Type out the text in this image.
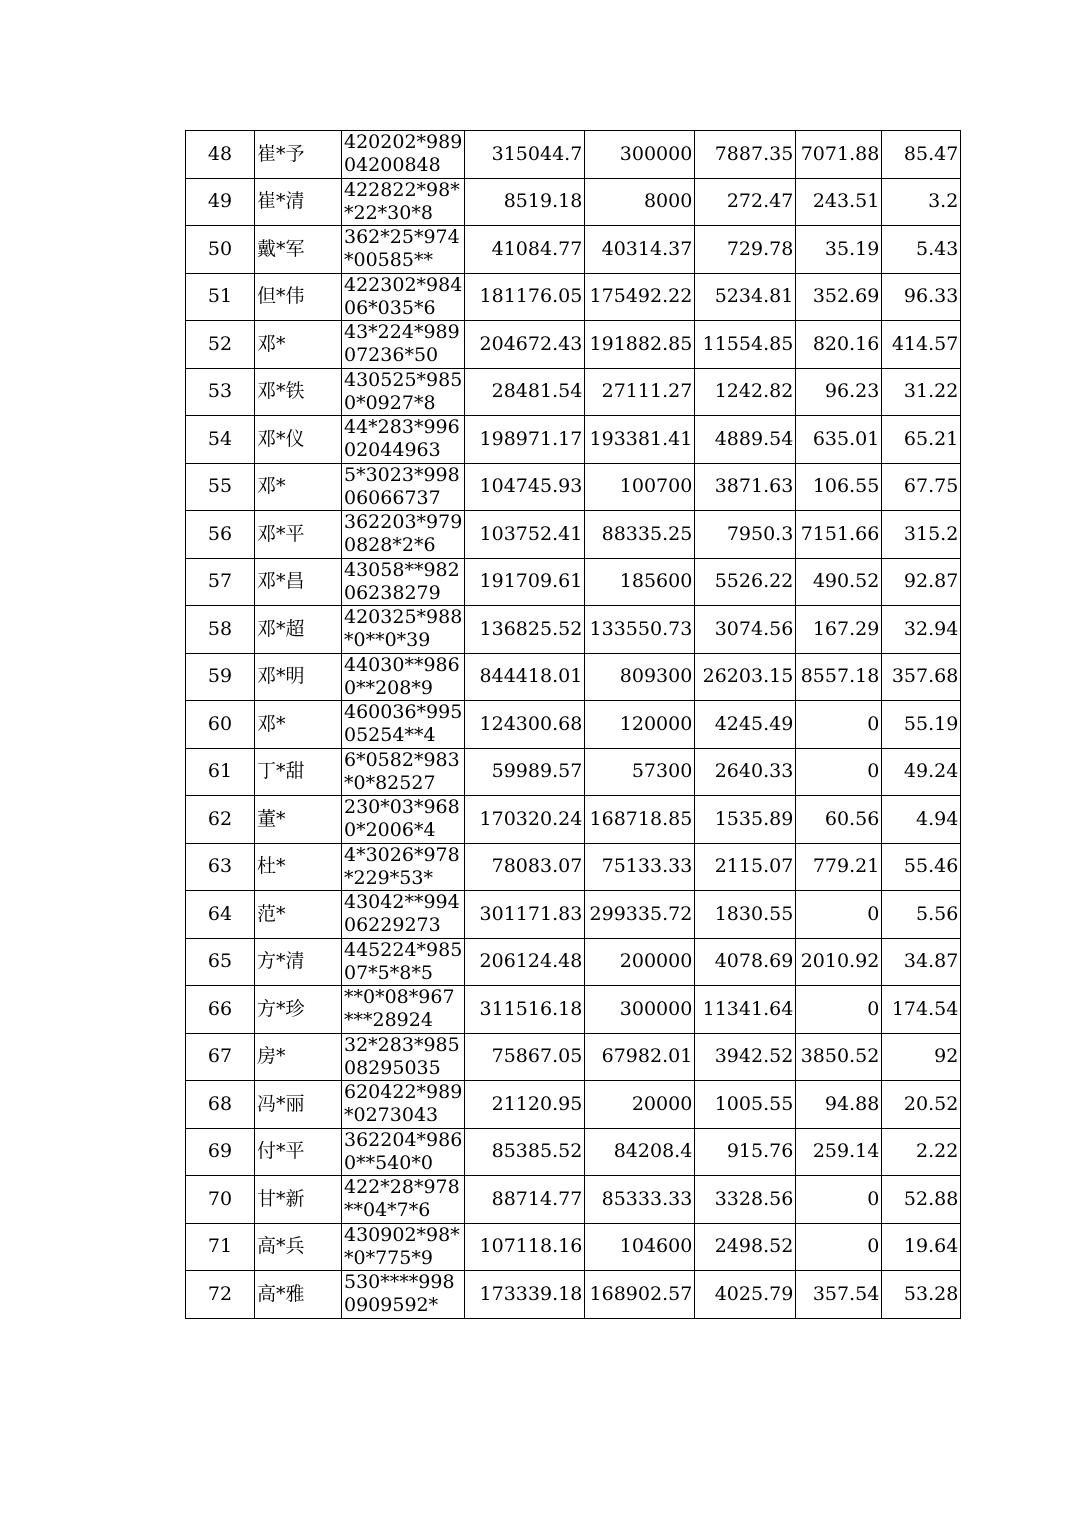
48	崔*予	420202*989
04200848	315044.7	300000	7887.35	7071.88	85.47
49	崔*清	422822*98*
*22*30*8	8519.18	8000	272.47	243.51	3.2
50	戴*军	362*25*974
*00585**	41084.77	40314.37	729.78	35.19	5.43
51	但*伟	422302*984
06*035*6	181176.05	175492.22	5234.81	352.69	96.33
52	邓*	43*224*989
07236*50	204672.43	191882.85	11554.85	820.16	414.57
53	邓*铁	430525*985
0*0927*8	28481.54	27111.27	1242.82	96.23	31.22
54	邓*仪	44*283*996
02044963	198971.17	193381.41	4889.54	635.01	65.21
55	邓*	5*3023*998
06066737	104745.93	100700	3871.63	106.55	67.75
56	邓*平	362203*979
0828*2*6	103752.41	88335.25	7950.3	7151.66	315.2
57	邓*昌	43058**982
06238279	191709.61	185600	5526.22	490.52	92.87
58	邓*超	420325*988
*0**0*39	136825.52	133550.73	3074.56	167.29	32.94
59	邓*明	44030**986
0**208*9	844418.01	809300	26203.15	8557.18	357.68
60	邓*	460036*995
05254**4	124300.68	120000	4245.49	0	55.19
61	丁*甜	6*0582*983
*0*82527	59989.57	57300	2640.33	0	49.24
62	董*	230*03*968
0*2006*4	170320.24	168718.85	1535.89	60.56	4.94
63	杜*	4*3026*978
*229*53*	78083.07	75133.33	2115.07	779.21	55.46
64	范*	43042**994
06229273	301171.83	299335.72	1830.55	0	5.56
65	方*清	445224*985
07*5*8*5	206124.48	200000	4078.69	2010.92	34.87
66	方*珍	**0*08*967
***28924	311516.18	300000	11341.64	0	174.54
67	房*	32*283*985
08295035	75867.05	67982.01	3942.52	3850.52	92
68	冯*丽	620422*989
*0273043	21120.95	20000	1005.55	94.88	20.52
69	付*平	362204*986
0**540*0	85385.52	84208.4	915.76	259.14	2.22
70	甘*新	422*28*978
**04*7*6	88714.77	85333.33	3328.56	0	52.88
71	高*兵	430902*98*
*0*775*9	107118.16	104600	2498.52	0	19.64
72	高*雅	530****998
0909592*	173339.18	168902.57	4025.79	357.54	53.28
